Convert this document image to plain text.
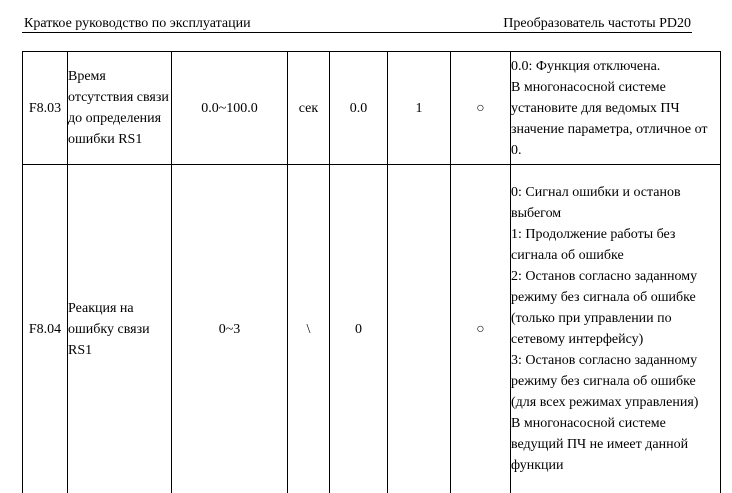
Краткое руководство по эксплуатации	Преобразователь частоты PD20
F8.03	Время отсутствия связи до определения ошибки RS1	0.0~100.0	сек	0.0	1	○	0.0: Функция отключена.

В многонасосной системе установите для ведомых ПЧ значение параметра, отличное от 0.

F8.04	Реакция на ошибку связи RS1	0~3	\	0		○	0: Сигнал ошибки и останов выбегом

1: Продолжение работы без сигнала об ошибке

2: Останов согласно заданному режиму без сигнала об ошибке (только при управлении по сетевому интерфейсу)

3: Останов согласно заданному режиму без сигнала об ошибке (для всех режимах управления)

В многонасосной системе ведущий ПЧ не имеет данной функции
